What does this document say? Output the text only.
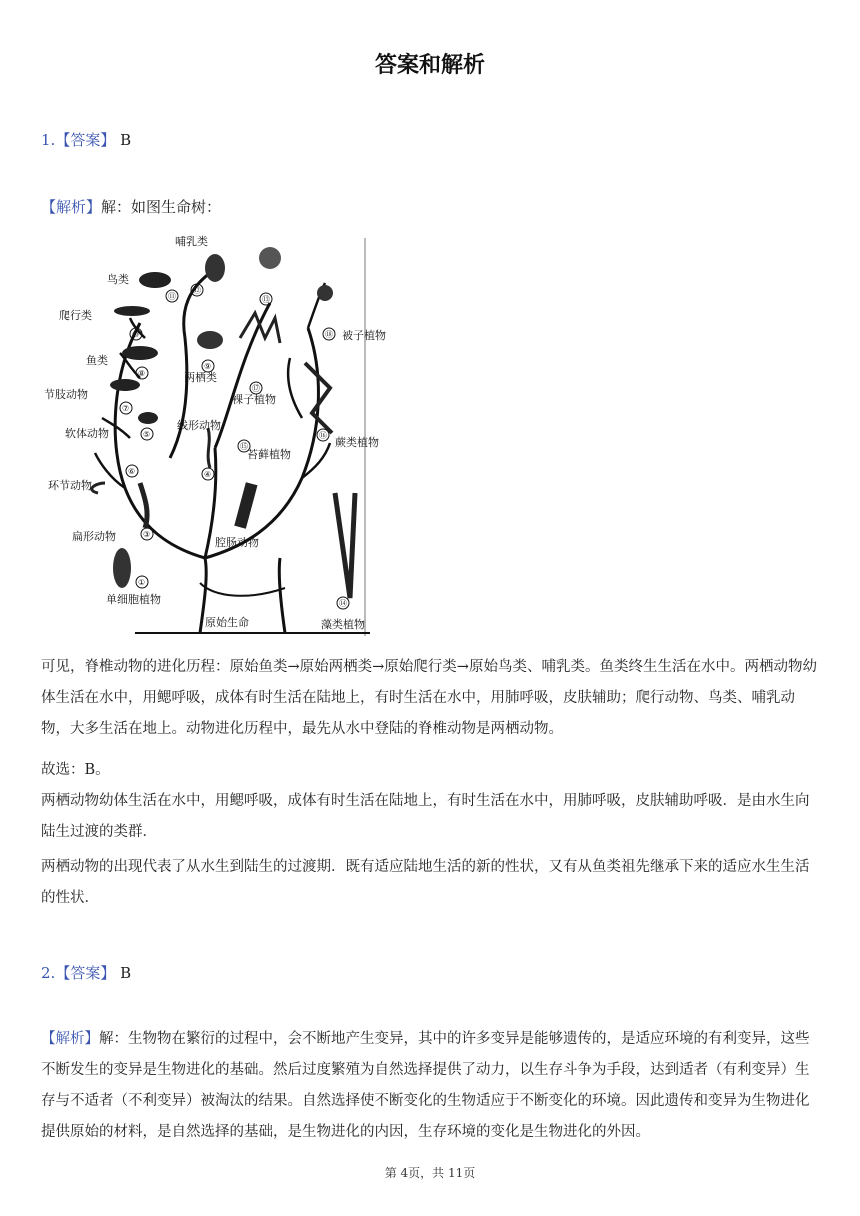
答案和解析
1.【答案】 B
【解析】解：如图生命树：
原始生命
①
③
④
⑤
⑥
⑦
⑧
⑨
⑩
⑪
⑫
⑬
⑭
⑮
⑯
⑰
⑱
哺乳类
鸟类
爬行类
鱼类
两栖类
节肢动物
软体动物
线形动物
环节动物
扁形动物	腔肠动物
单细胞植物
被子植物
裸子植物
苔藓植物
蕨类植物
藻类植物

可见，脊椎动物的进化历程：原始鱼类→原始两栖类→原始爬行类→原始鸟类、哺乳类。鱼类终生生活在水中。两栖动物幼体生活在水中，用鳃呼吸，成体有时生活在陆地上，有时生活在水中，用肺呼吸，皮肤辅助；爬行动物、鸟类、哺乳动物，大多生活在地上。动物进化历程中，最先从水中登陆的脊椎动物是两栖动物。

故选：B。

两栖动物幼体生活在水中，用鳃呼吸，成体有时生活在陆地上，有时生活在水中，用肺呼吸，皮肤辅助呼吸．是由水生向陆生过渡的类群．

两栖动物的出现代表了从水生到陆生的过渡期．既有适应陆地生活的新的性状，又有从鱼类祖先继承下来的适应水生生活的性状．

2.【答案】 B

【解析】解：生物物在繁衍的过程中，会不断地产生变异，其中的许多变异是能够遗传的，是适应环境的有利变异，这些不断发生的变异是生物进化的基础。然后过度繁殖为自然选择提供了动力，以生存斗争为手段，达到适者（有利变异）生存与不适者（不利变异）被淘汰的结果。自然选择使不断变化的生物适应于不断变化的环境。因此遗传和变异为生物进化提供原始的材料，是自然选择的基础，是生物进化的内因，生存环境的变化是生物进化的外因。

第 4页，共 11页
